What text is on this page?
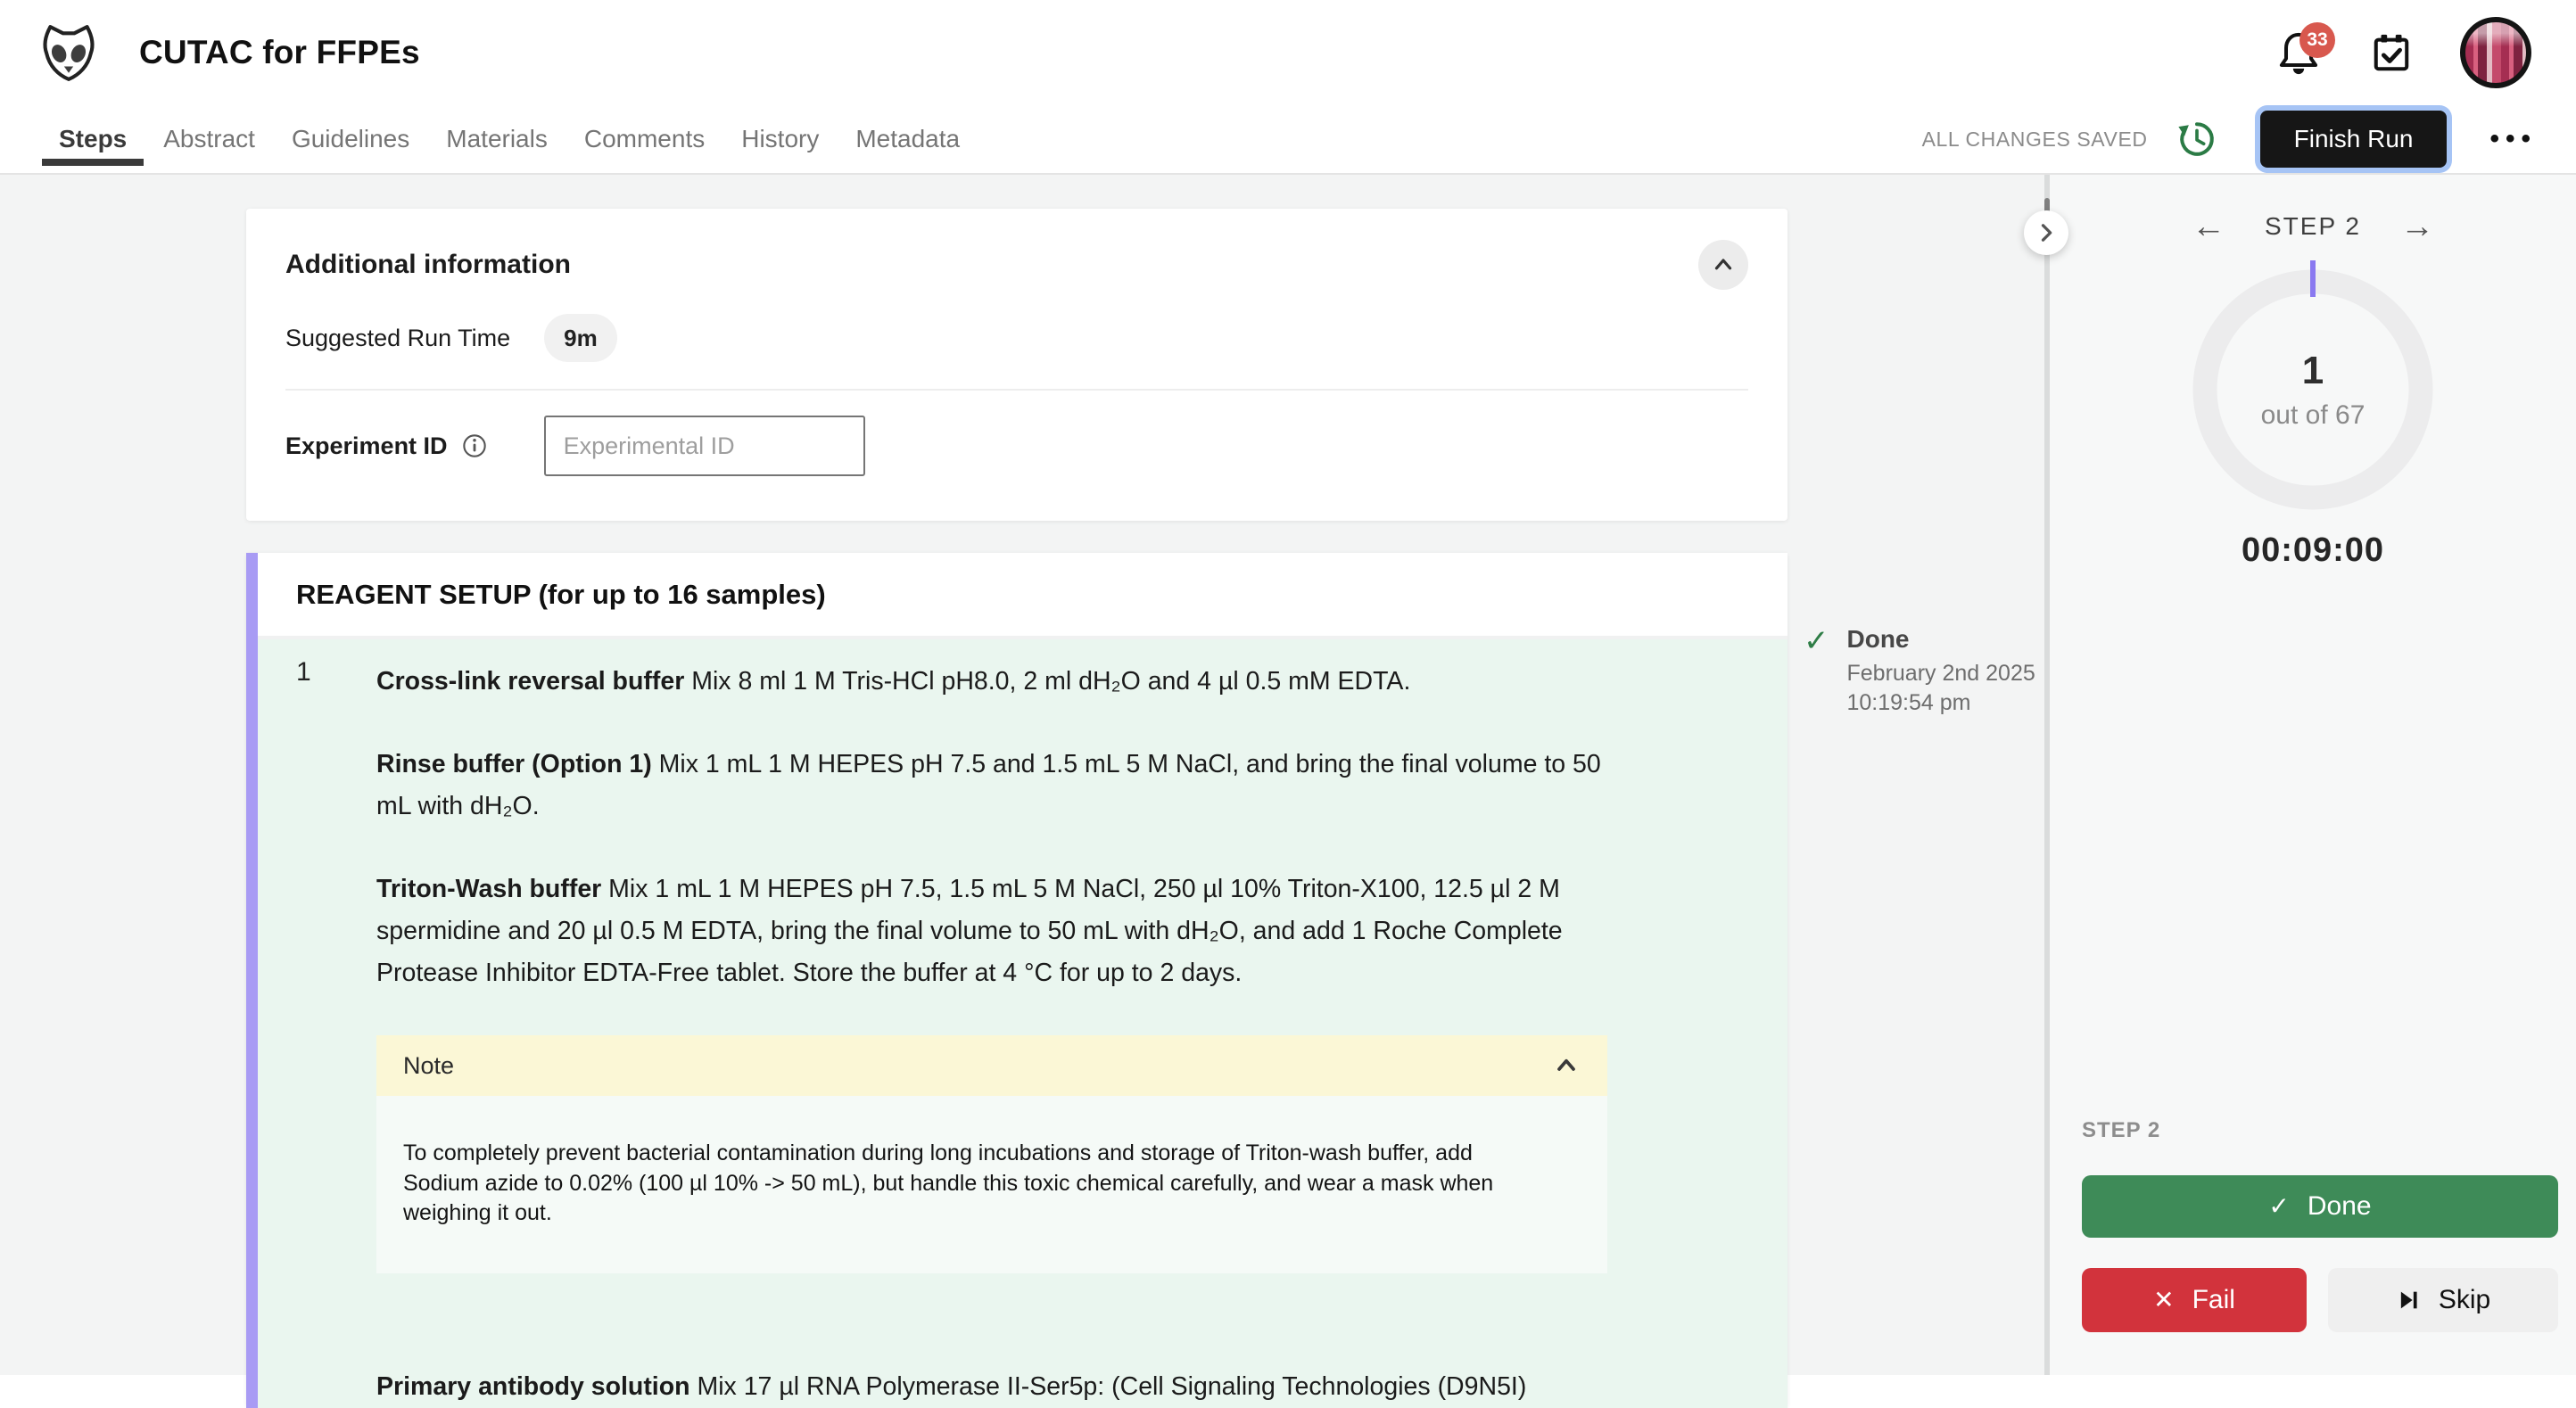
CUTAC for FFPEs	33
Steps	Abstract	Guidelines	Materials	Comments	History	Metadata	ALL CHANGES SAVED	Finish Run	•••
Additional information
Suggested Run Time	9m
Experiment ID
Experimental ID
REAGENT SETUP (for up to 16 samples)
1	Cross-link reversal buffer Mix 8 ml 1 M Tris-HCl pH8.0, 2 ml dH₂O and 4 µl 0.5 mM EDTA.

Rinse buffer (Option 1) Mix 1 mL 1 M HEPES pH 7.5 and 1.5 mL 5 M NaCl, and bring the final volume to 50 mL with dH₂O.

Triton-Wash buffer Mix 1 mL 1 M HEPES pH 7.5, 1.5 mL 5 M NaCl, 250 µl 10% Triton-X100, 12.5 µl 2 M spermidine and 20 µl 0.5 M EDTA, bring the final volume to 50 mL with dH₂O, and add 1 Roche Complete Protease Inhibitor EDTA-Free tablet. Store the buffer at 4 °C for up to 2 days.

Note

To completely prevent bacterial contamination during long incubations and storage of Triton-wash buffer, add Sodium azide to 0.02% (100 µl 10% -> 50 mL), but handle this toxic chemical carefully, and wear a mask when weighing it out.

Primary antibody solution Mix 17 µl RNA Polymerase II-Ser5p: (Cell Signaling Technologies (D9N5I)

✓ Done
February 2nd 2025
10:19:54 pm
← STEP 2 →
1
out of 67
00:09:00
STEP 2
✓ Done
✕ Fail	Skip
